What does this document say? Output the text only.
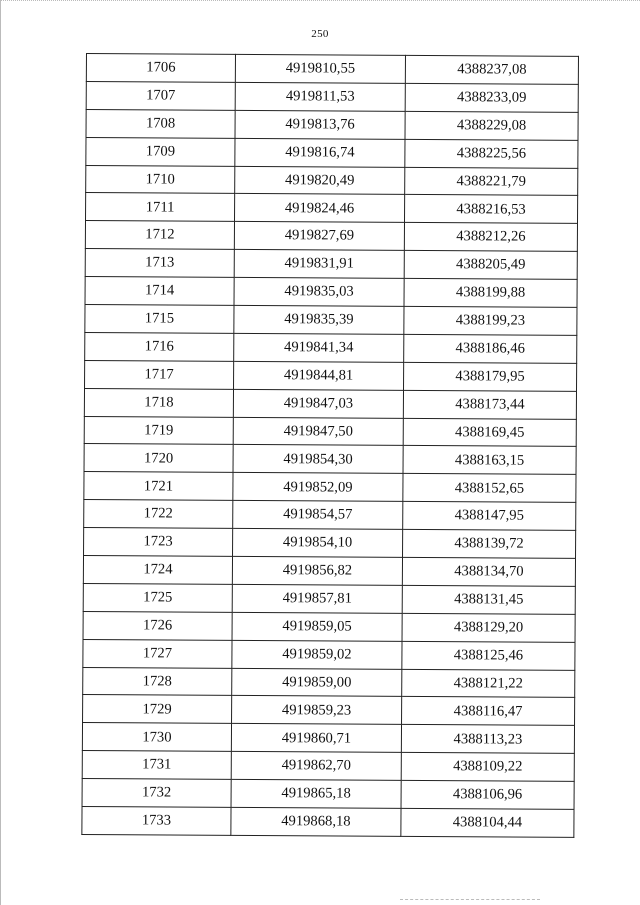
250
1706	4919810,55	4388237,08
1707	4919811,53	4388233,09
1708	4919813,76	4388229,08
1709	4919816,74	4388225,56
1710	4919820,49	4388221,79
1711	4919824,46	4388216,53
1712	4919827,69	4388212,26
1713	4919831,91	4388205,49
1714	4919835,03	4388199,88
1715	4919835,39	4388199,23
1716	4919841,34	4388186,46
1717	4919844,81	4388179,95
1718	4919847,03	4388173,44
1719	4919847,50	4388169,45
1720	4919854,30	4388163,15
1721	4919852,09	4388152,65
1722	4919854,57	4388147,95
1723	4919854,10	4388139,72
1724	4919856,82	4388134,70
1725	4919857,81	4388131,45
1726	4919859,05	4388129,20
1727	4919859,02	4388125,46
1728	4919859,00	4388121,22
1729	4919859,23	4388116,47
1730	4919860,71	4388113,23
1731	4919862,70	4388109,22
1732	4919865,18	4388106,96
1733	4919868,18	4388104,44
